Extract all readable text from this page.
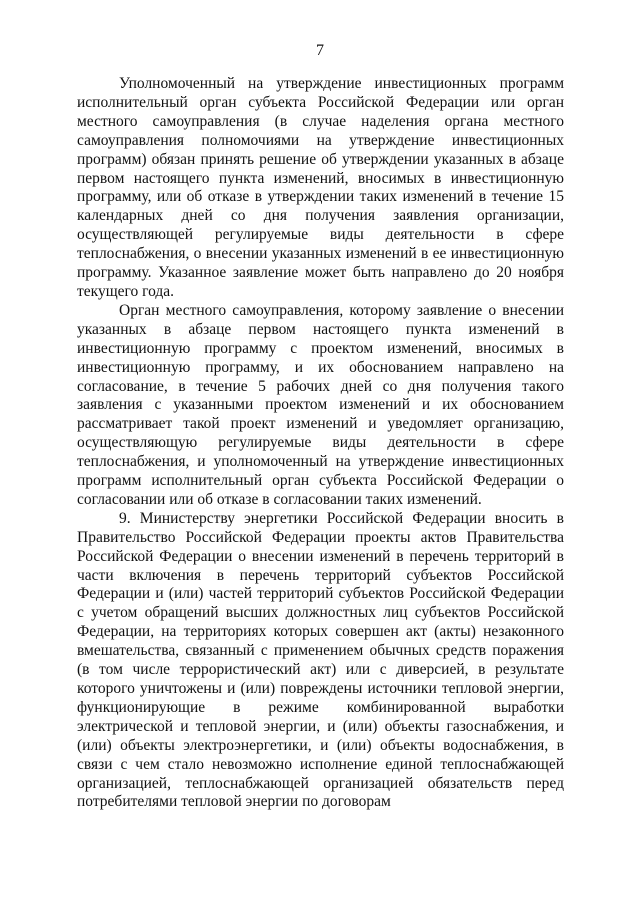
7

Уполномоченный на утверждение инвестиционных программ исполнительный орган субъекта Российской Федерации или орган местного самоуправления (в случае наделения органа местного самоуправления полномочиями на утверждение инвестиционных программ) обязан принять решение об утверждении указанных в абзаце первом настоящего пункта изменений, вносимых в инвестиционную программу, или об отказе в утверждении таких изменений в течение 15 календарных дней со дня получения заявления организации, осуществляющей регулируемые виды деятельности в сфере теплоснабжения, о внесении указанных изменений в ее инвестиционную программу. Указанное заявление может быть направлено до 20 ноября текущего года.

Орган местного самоуправления, которому заявление о внесении указанных в абзаце первом настоящего пункта изменений в инвестиционную программу с проектом изменений, вносимых в инвестиционную программу, и их обоснованием направлено на согласование, в течение 5 рабочих дней со дня получения такого заявления с указанными проектом изменений и их обоснованием рассматривает такой проект изменений и уведомляет организацию, осуществляющую регулируемые виды деятельности в сфере теплоснабжения, и уполномоченный на утверждение инвестиционных программ исполнительный орган субъекта Российской Федерации о согласовании или об отказе в согласовании таких изменений.

9. Министерству энергетики Российской Федерации вносить в Правительство Российской Федерации проекты актов Правительства Российской Федерации о внесении изменений в перечень территорий в части включения в перечень территорий субъектов Российской Федерации и (или) частей территорий субъектов Российской Федерации с учетом обращений высших должностных лиц субъектов Российской Федерации, на территориях которых совершен акт (акты) незаконного вмешательства, связанный с применением обычных средств поражения (в том числе террористический акт) или с диверсией, в результате которого уничтожены и (или) повреждены источники тепловой энергии, функционирующие в режиме комбинированной выработки электрической и тепловой энергии, и (или) объекты газоснабжения, и (или) объекты электроэнергетики, и (или) объекты водоснабжения, в связи с чем стало невозможно исполнение единой теплоснабжающей организацией, теплоснабжающей организацией обязательств перед потребителями тепловой энергии по договорам
